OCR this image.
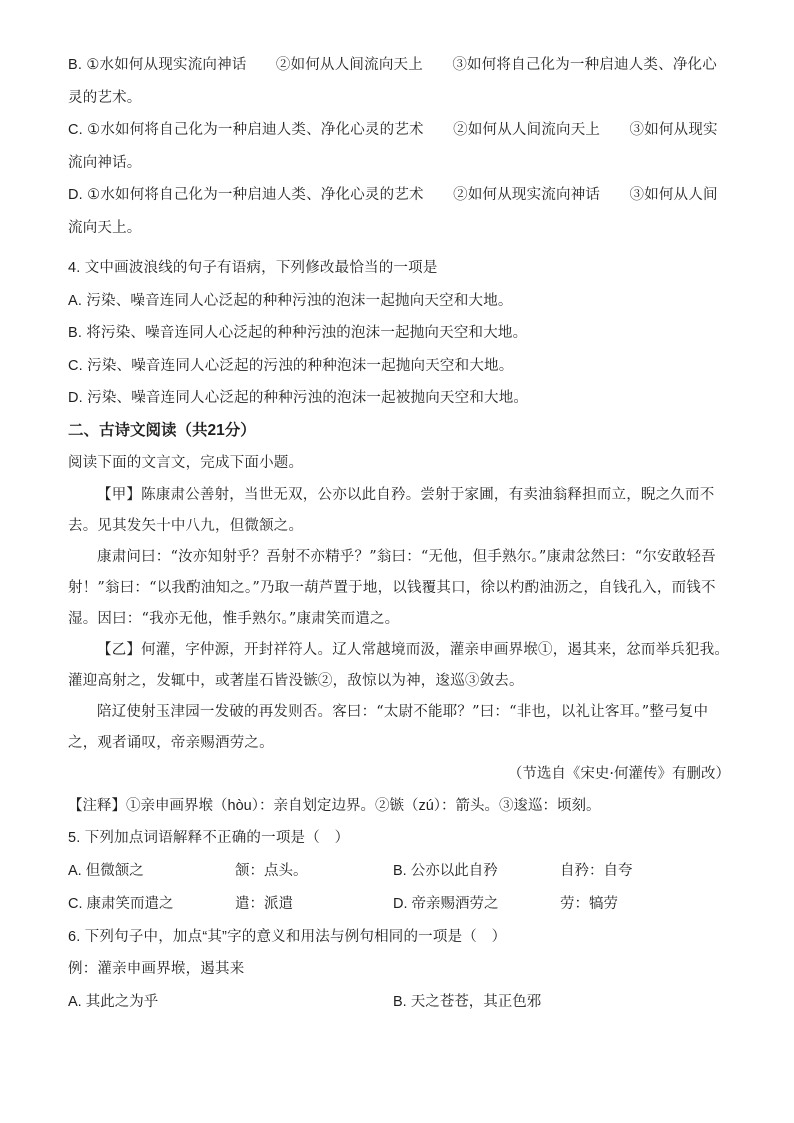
B. ①水如何从现实流向神话　　②如何从人间流向天上　　③如何将自己化为一种启迪人类、净化心灵的艺术。

C. ①水如何将自己化为一种启迪人类、净化心灵的艺术　　②如何从人间流向天上　　③如何从现实流向神话。

D. ①水如何将自己化为一种启迪人类、净化心灵的艺术　　②如何从现实流向神话　　③如何从人间流向天上。

4. 文中画波浪线的句子有语病，下列修改最恰当的一项是

A. 污染、噪音连同人心泛起的种种污浊的泡沫一起抛向天空和大地。

B. 将污染、噪音连同人心泛起的种种污浊的泡沫一起抛向天空和大地。

C. 污染、噪音连同人心泛起的污浊的种种泡沫一起抛向天空和大地。

D. 污染、噪音连同人心泛起的种种污浊的泡沫一起被抛向天空和大地。

二、古诗文阅读（共21分）

阅读下面的文言文，完成下面小题。

【甲】陈康肃公善射，当世无双，公亦以此自矜。尝射于家圃，有卖油翁释担而立，睨之久而不去。见其发矢十中八九，但微颔之。

康肃问曰：“汝亦知射乎？吾射不亦精乎？”翁曰：“无他，但手熟尔。”康肃忿然曰：“尔安敢轻吾射！”翁曰：“以我酌油知之。”乃取一葫芦置于地，以钱覆其口，徐以杓酌油沥之，自钱孔入，而钱不湿。因曰：“我亦无他，惟手熟尔。”康肃笑而遣之。

【乙】何灌，字仲源，开封祥符人。辽人常越境而汲，灌亲申画界堠①，遏其来，忿而举兵犯我。灌迎高射之，发辄中，或著崖石皆没镞②，敌惊以为神，逡巡③敛去。

陪辽使射玉津园一发破的再发则否。客曰：“太尉不能耶？”曰：“非也，以礼让客耳。”整弓复中之，观者诵叹，帝亲赐酒劳之。

（节选自《宋史·何灌传》有删改）

【注释】①亲申画界堠（hòu）：亲自划定边界。②镞（zú）：箭头。③逡巡：顷刻。

5. 下列加点词语解释不正确的一项是（　）

A. 但微颔之	颔：点头。	B. 公亦以此自矜	自矜：自夸

C. 康肃笑而遣之	遣：派遣	D. 帝亲赐酒劳之	劳：犒劳

6. 下列句子中，加点“其”字的意义和用法与例句相同的一项是（　）

例：灌亲申画界堠，遏其来

A. 其此之为乎	B. 天之苍苍，其正色邪
